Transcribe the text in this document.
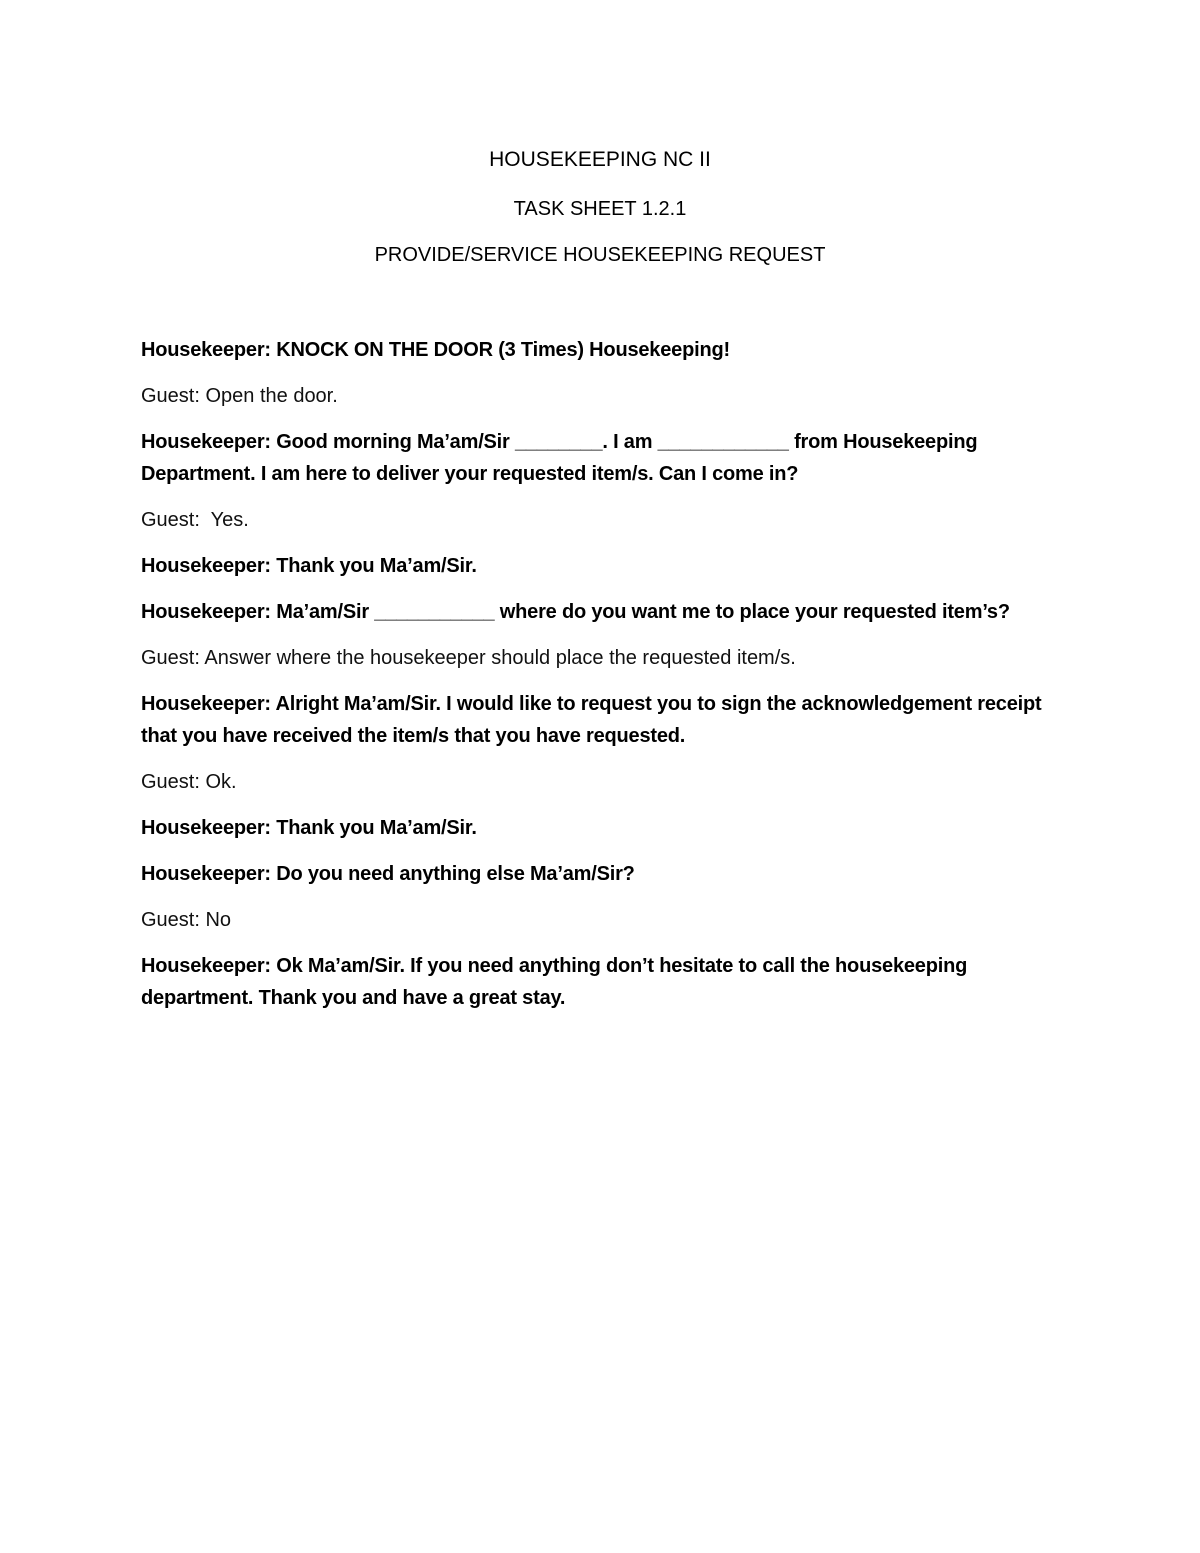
HOUSEKEEPING NC II
TASK SHEET 1.2.1
PROVIDE/SERVICE HOUSEKEEPING REQUEST

Housekeeper: KNOCK ON THE DOOR (3 Times) Housekeeping!

Guest: Open the door.

Housekeeper: Good morning Ma’am/Sir ________. I am ____________ from Housekeeping Department. I am here to deliver your requested item/s. Can I come in?

Guest:  Yes.

Housekeeper: Thank you Ma’am/Sir.

Housekeeper: Ma’am/Sir ___________ where do you want me to place your requested item’s?

Guest: Answer where the housekeeper should place the requested item/s.

Housekeeper: Alright Ma’am/Sir. I would like to request you to sign the acknowledgement receipt that you have received the item/s that you have requested.

Guest: Ok.

Housekeeper: Thank you Ma’am/Sir.

Housekeeper: Do you need anything else Ma’am/Sir?

Guest: No

Housekeeper: Ok Ma’am/Sir. If you need anything don’t hesitate to call the housekeeping department. Thank you and have a great stay.
